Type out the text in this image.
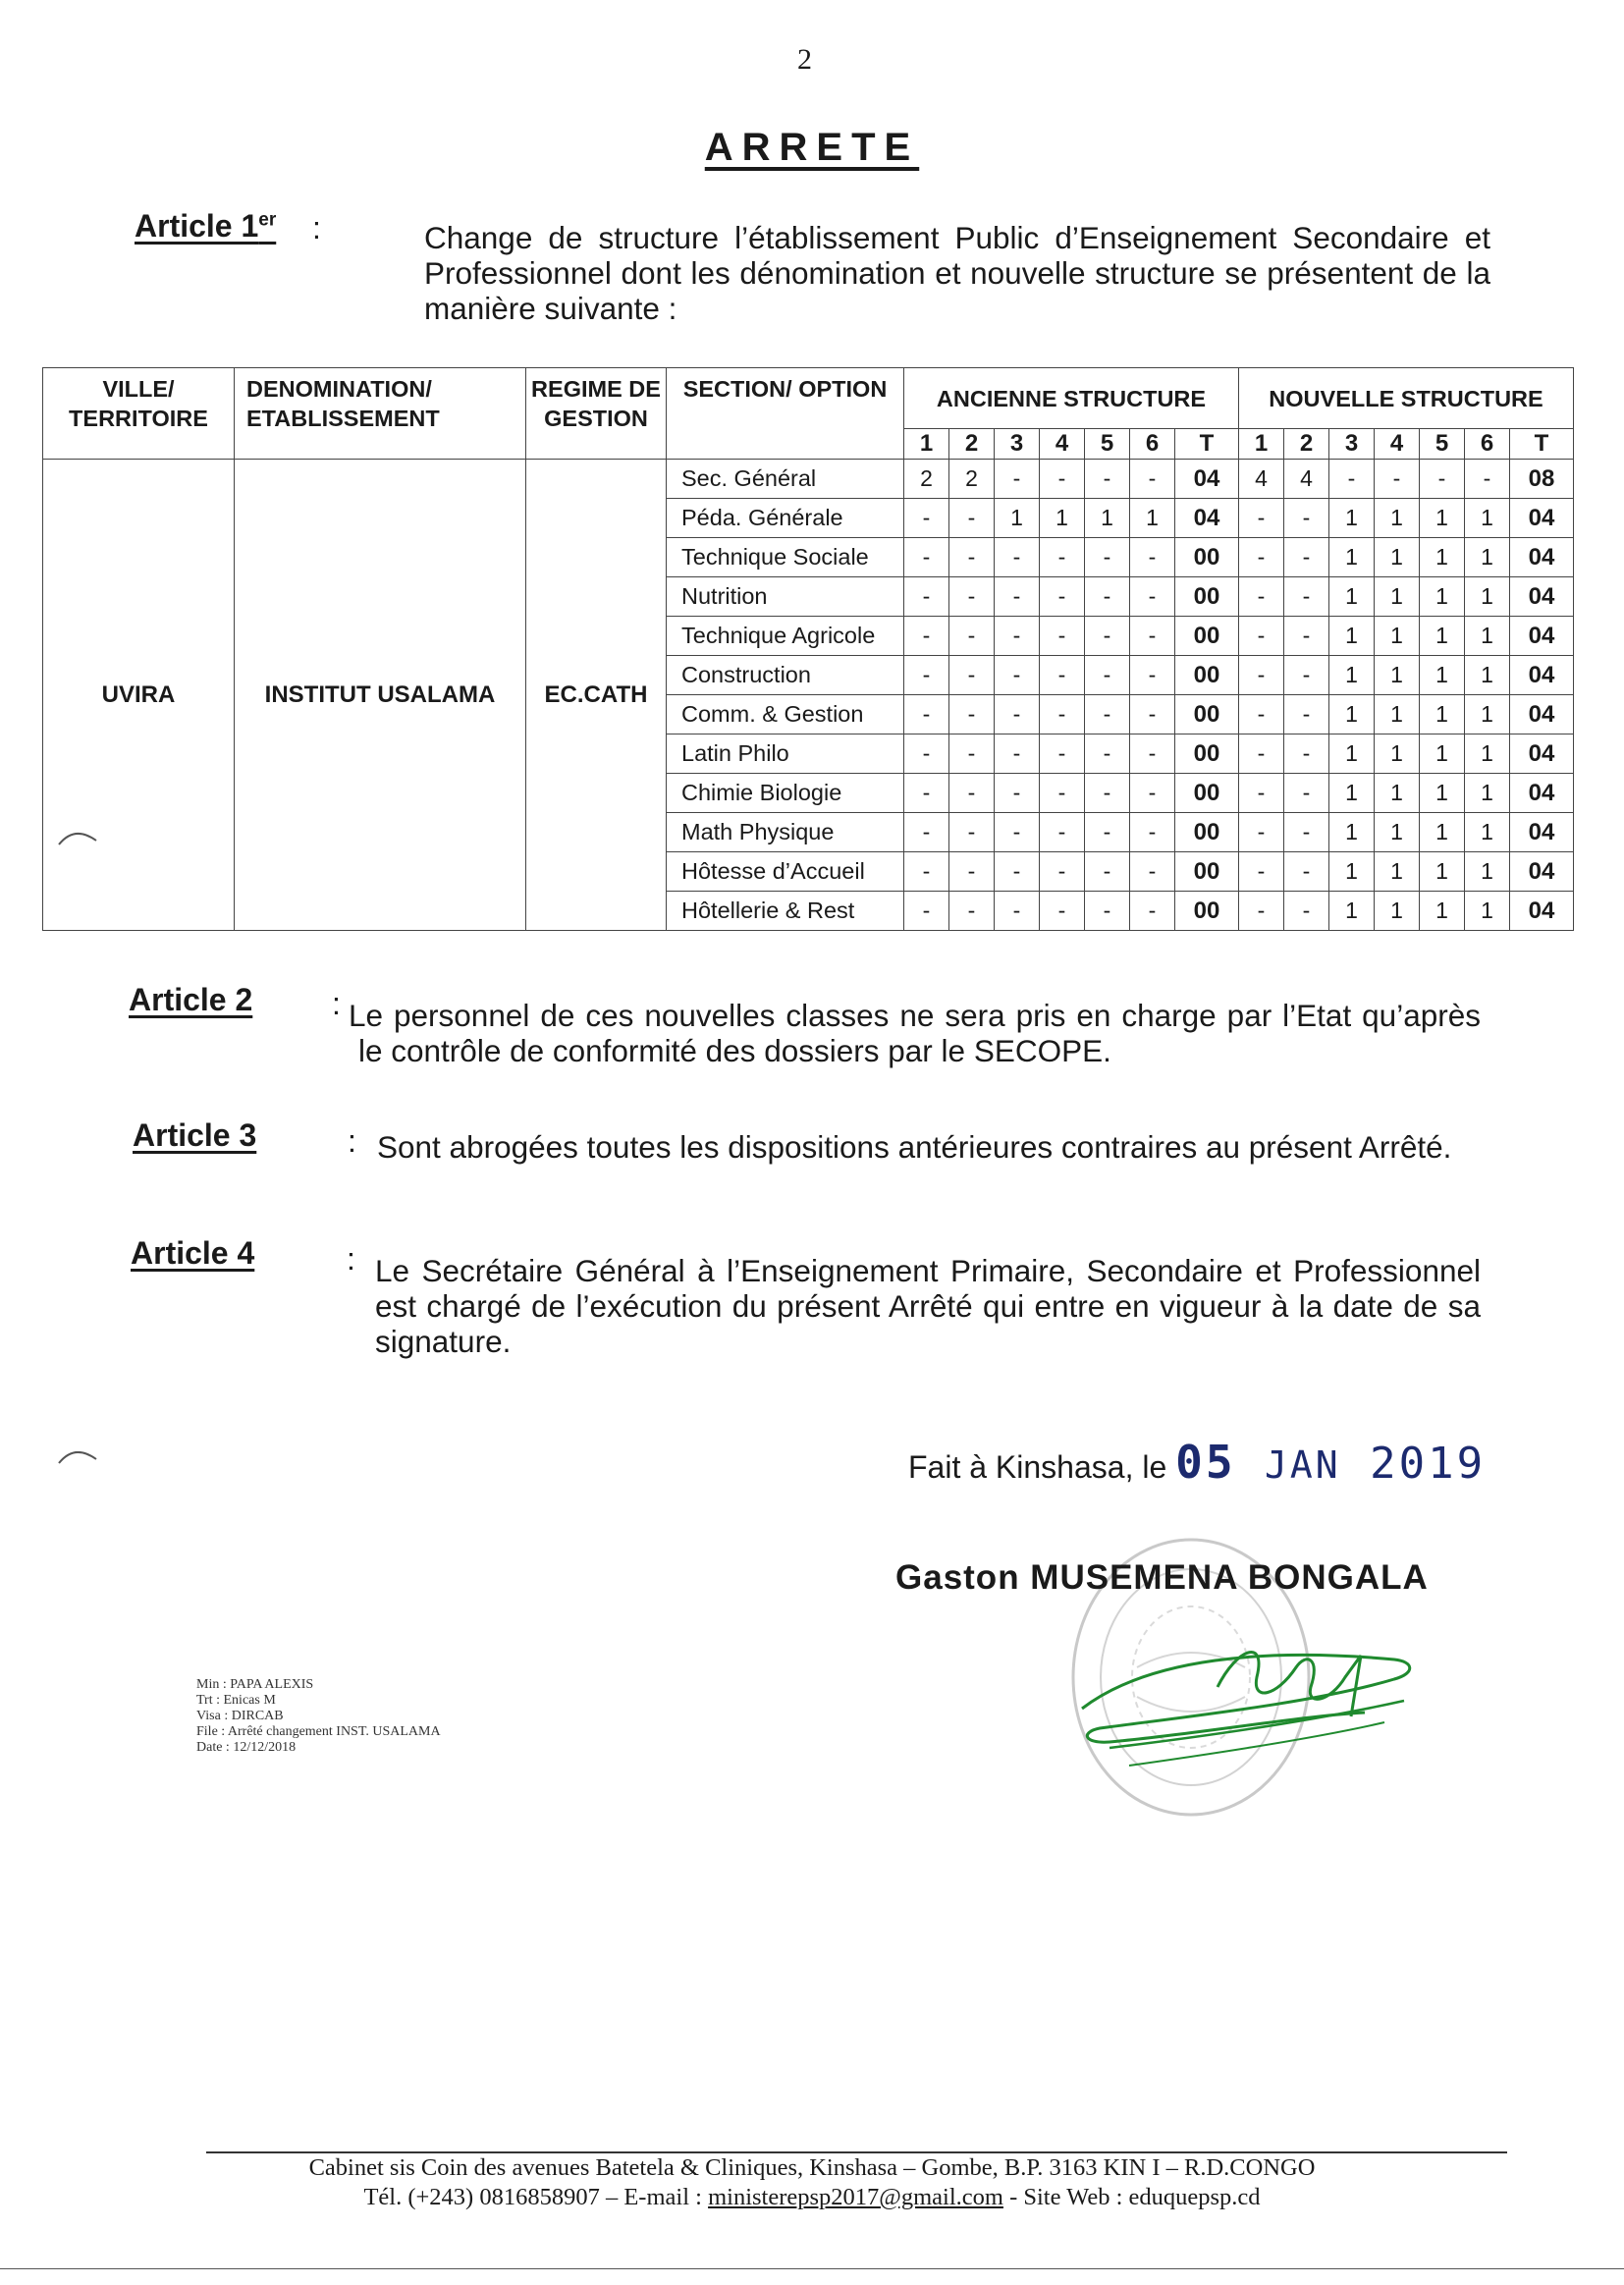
2
ARRETE
Article 1er :	Change de structure l’établissement Public d’Enseignement Secondaire et Professionnel dont les dénomination et nouvelle structure se présentent de la manière suivante :
VILLE/ TERRITOIRE	DENOMINATION/ ETABLISSEMENT	REGIME DE GESTION	SECTION/ OPTION	ANCIENNE STRUCTURE							NOUVELLE STRUCTURE						
				1	2	3	4	5	6	T	1	2	3	4	5	6	T
UVIRA	INSTITUT USALAMA	EC.CATH	Sec. Général	2	2	-	-	-	-	04	4	4	-	-	-	-	08
			Péda. Générale	-	-	1	1	1	1	04	-	-	1	1	1	1	04
			Technique Sociale	-	-	-	-	-	-	00	-	-	1	1	1	1	04
			Nutrition	-	-	-	-	-	-	00	-	-	1	1	1	1	04
			Technique Agricole	-	-	-	-	-	-	00	-	-	1	1	1	1	04
			Construction	-	-	-	-	-	-	00	-	-	1	1	1	1	04
			Comm. & Gestion	-	-	-	-	-	-	00	-	-	1	1	1	1	04
			Latin Philo	-	-	-	-	-	-	00	-	-	1	1	1	1	04
			Chimie Biologie	-	-	-	-	-	-	00	-	-	1	1	1	1	04
			Math Physique	-	-	-	-	-	-	00	-	-	1	1	1	1	04
			Hôtesse d’Accueil	-	-	-	-	-	-	00	-	-	1	1	1	1	04
			Hôtellerie & Rest	-	-	-	-	-	-	00	-	-	1	1	1	1	04
Article 2	: Le personnel de ces nouvelles classes ne sera pris en charge par l’Etat qu’après le contrôle de conformité des dossiers par le SECOPE.
Article 3	: Sont abrogées toutes les dispositions antérieures contraires au présent Arrêté.
Article 4	: Le Secrétaire Général à l’Enseignement Primaire, Secondaire et Professionnel est chargé de l’exécution du présent Arrêté qui entre en vigueur à la date de sa signature.
Fait à Kinshasa, le 05 JAN 2019
Gaston MUSEMENA BONGALA
Min : PAPA ALEXIS
Trt : Enicas M
Visa : DIRCAB
File : Arrêté changement INST. USALAMA
Date : 12/12/2018
Cabinet sis Coin des avenues Batetela & Cliniques, Kinshasa – Gombe, B.P. 3163 KIN I – R.D.CONGO
Tél. (+243) 0816858907 – E-mail : ministerepsp2017@gmail.com - Site Web : eduquepsp.cd
